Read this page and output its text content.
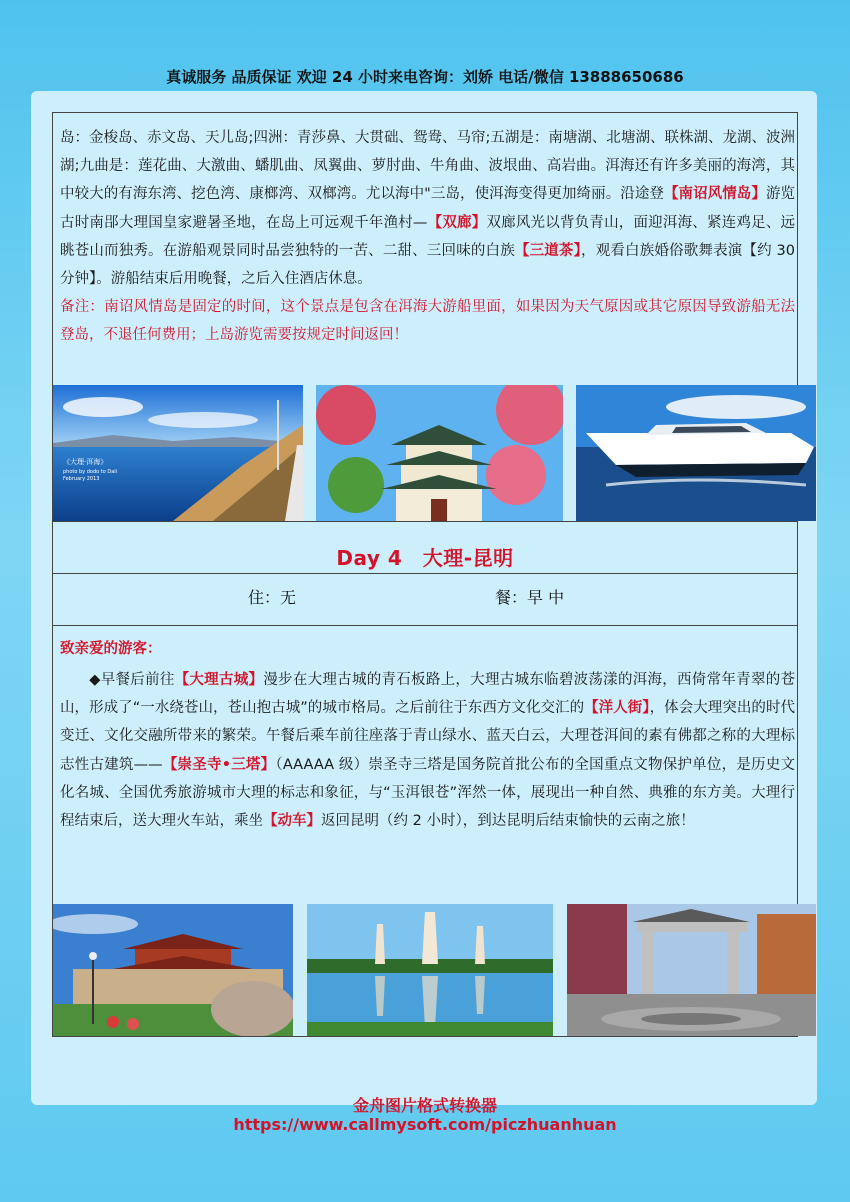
真诚服务 品质保证 欢迎 24 小时来电咨询：刘娇 电话/微信 13888650686
岛：金梭岛、赤文岛、天儿岛;四洲：青莎鼻、大贯础、鸳鸯、马帘;五湖是：南塘湖、北塘湖、联株湖、龙湖、波洲湖;九曲是：莲花曲、大激曲、蟠肌曲、凤翼曲、萝肘曲、牛角曲、波垠曲、高岩曲。洱海还有许多美丽的海湾，其中较大的有海东湾、挖色湾、康榔湾、双榔湾。尤以海中"三岛，使洱海变得更加绮丽。沿途登【南诏风情岛】游览古时南郘大理国皇家避暑圣地，在岛上可远观千年渔村—【双廊】双廊风光以背负青山，面迎洱海、紧连鸡足、远眺苍山而独秀。在游船观景同时品尝独特的一苦、二甜、三回味的白族【三道茶】，观看白族婚俗歌舞表演【约 30 分钟】。游船结束后用晚餐，之后入住酒店休息。
备注：南诏风情岛是固定的时间，这个景点是包含在洱海大游船里面，如果因为天气原因或其它原因导致游船无法登岛，不退任何费用；上岛游览需要按规定时间返回！
《大理·洱海》
photo by dodo to Dali February 2013
Day 4　大理-昆明
住：无	餐：早 中
致亲爱的游客：
◆早餐后前往【大理古城】漫步在大理古城的青石板路上，大理古城东临碧波荡漾的洱海，西倚常年青翠的苍山，形成了“一水绕苍山，苍山抱古城”的城市格局。之后前往于东西方文化交汇的【洋人街】，体会大理突出的时代变迁、文化交融所带来的繁荣。午餐后乘车前往座落于青山绿水、蓝天白云，大理苍洱间的素有佛都之称的大理标志性古建筑——【崇圣寺•三塔】（AAAAA 级）崇圣寺三塔是国务院首批公布的全国重点文物保护单位，是历史文化名城、全国优秀旅游城市大理的标志和象征，与“玉洱银苍”浑然一体，展现出一种自然、典雅的东方美。大理行程结束后，送大理火车站，乘坐【动车】返回昆明（约 2 小时），到达昆明后结束愉快的云南之旅！
金舟图片格式转换器
https://www.callmysoft.com/piczhuanhuan
